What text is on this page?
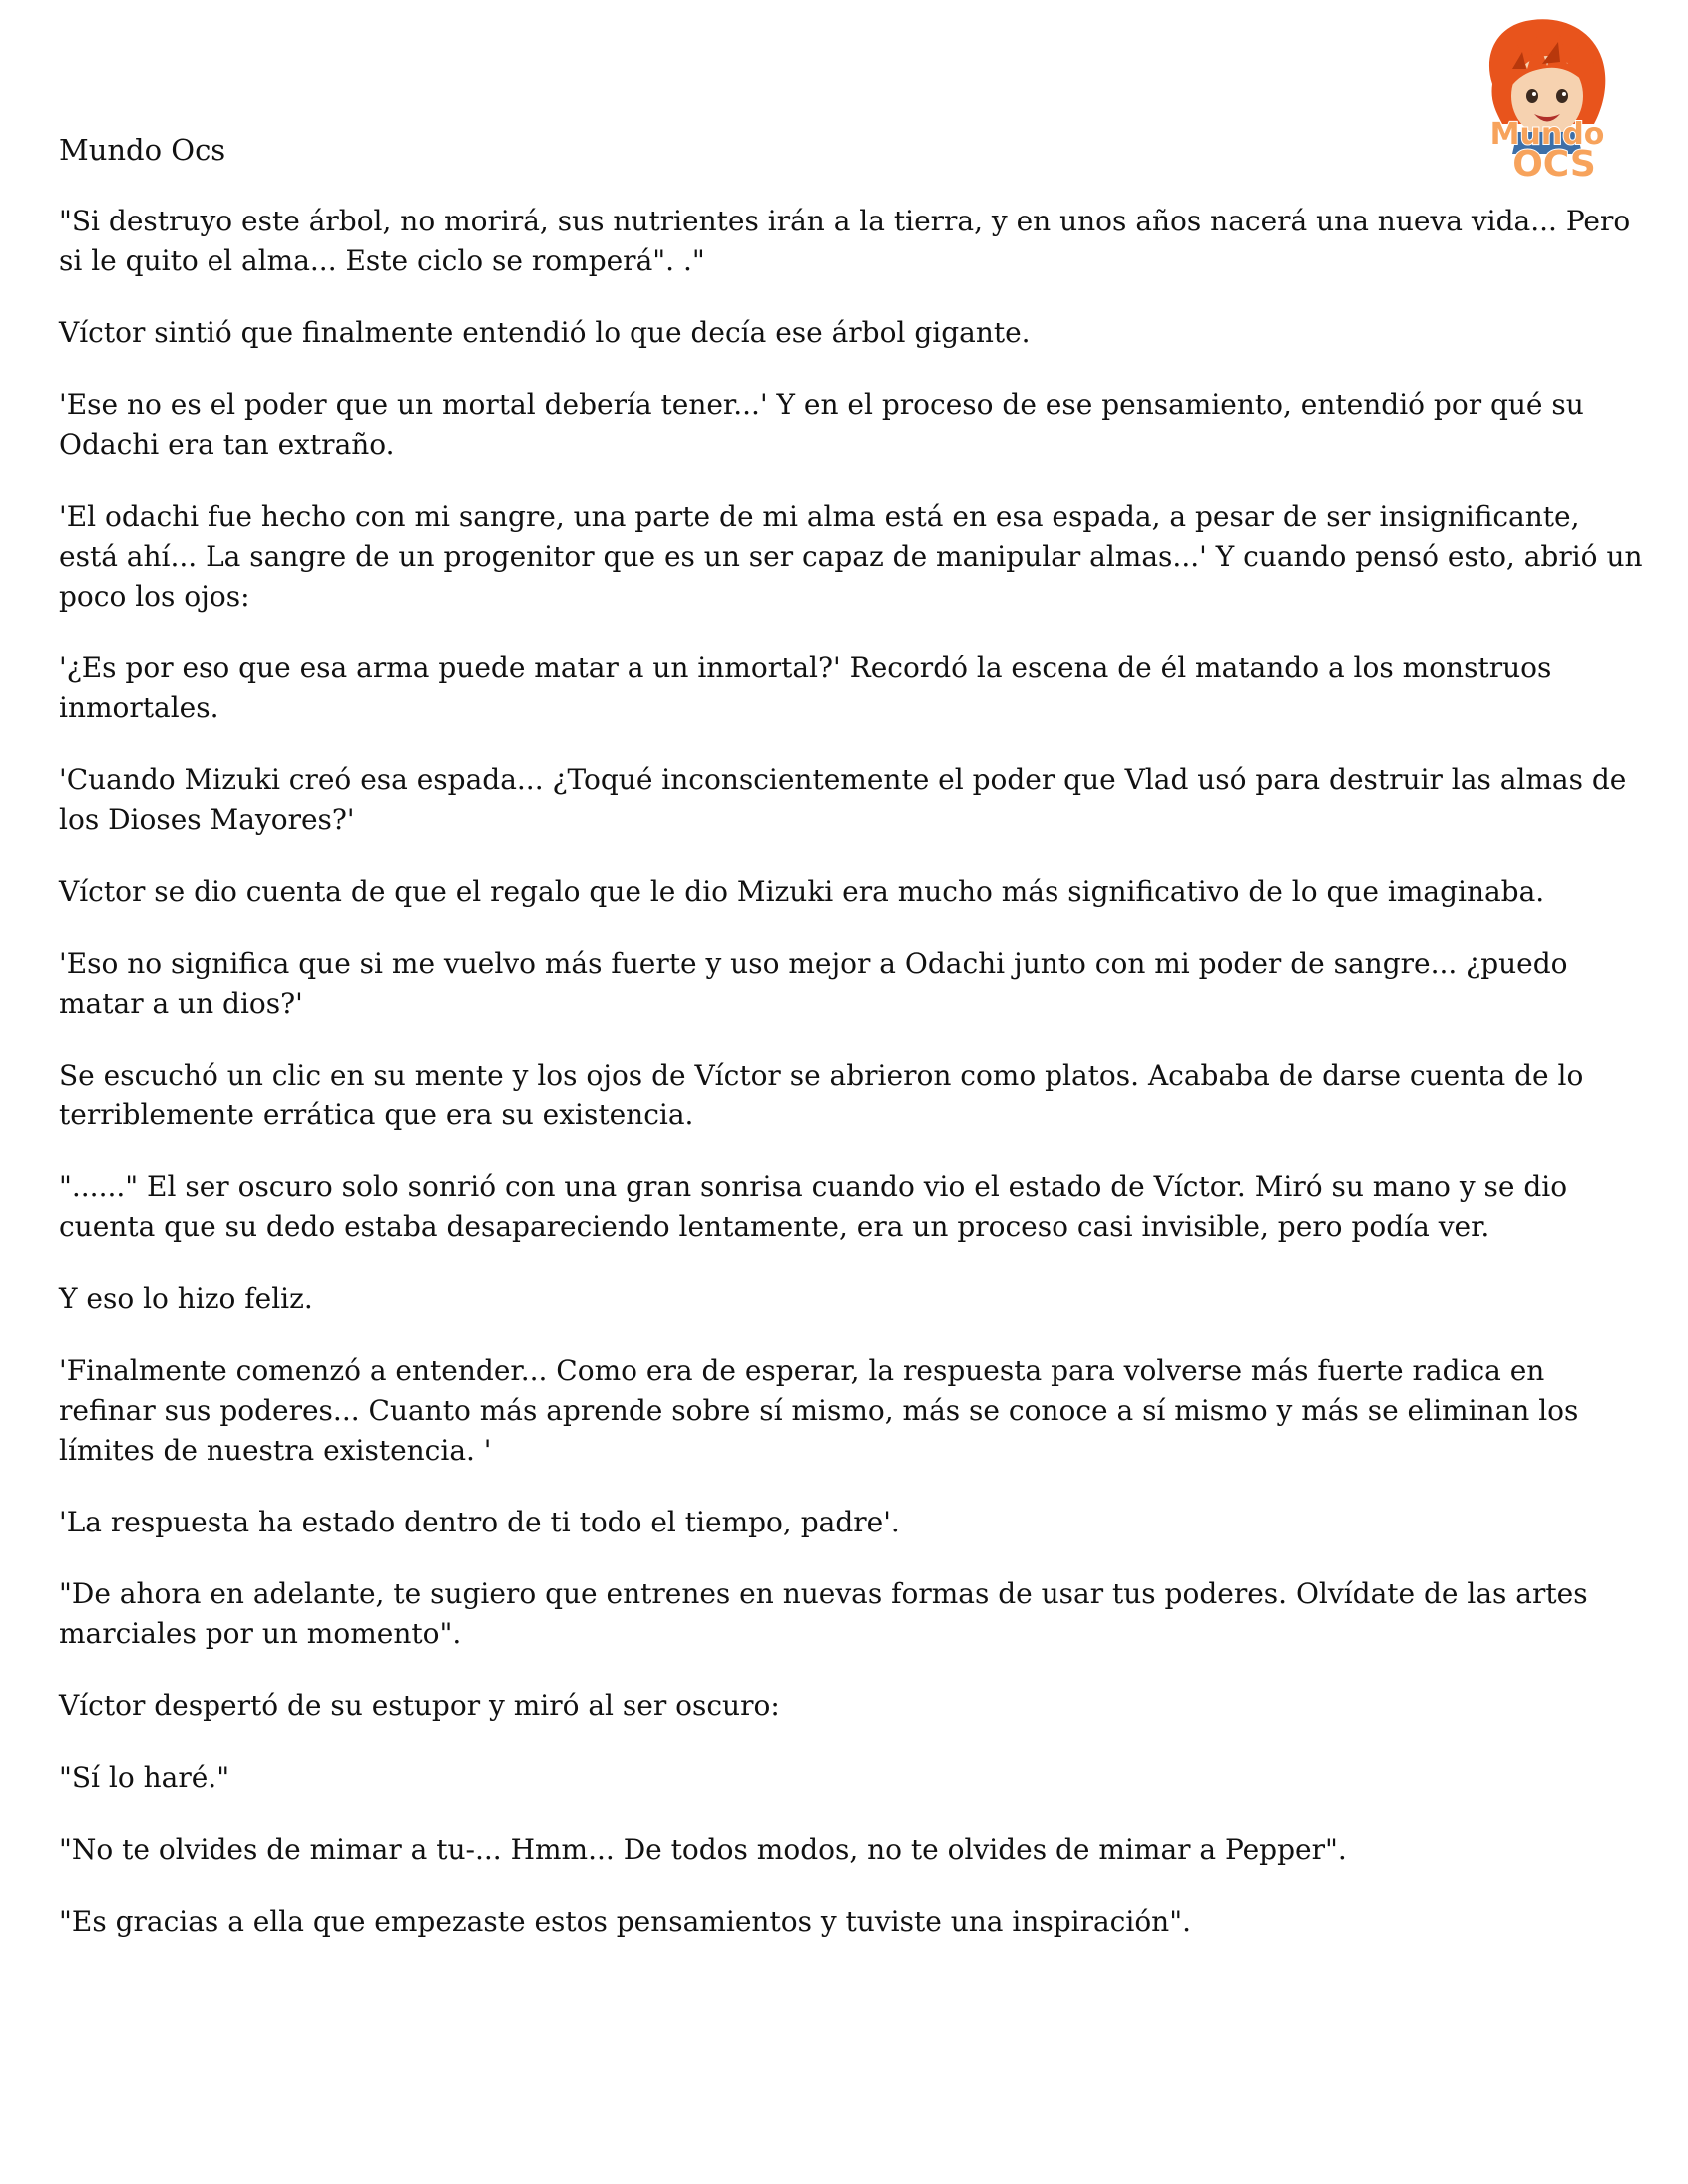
Mundo
OCS
Mundo Ocs

"Si destruyo este árbol, no morirá, sus nutrientes irán a la tierra, y en unos años nacerá una nueva vida... Pero si le quito el alma... Este ciclo se romperá". ."

Víctor sintió que finalmente entendió lo que decía ese árbol gigante.

'Ese no es el poder que un mortal debería tener...' Y en el proceso de ese pensamiento, entendió por qué su Odachi era tan extraño.

'El odachi fue hecho con mi sangre, una parte de mi alma está en esa espada, a pesar de ser insignificante, está ahí... La sangre de un progenitor que es un ser capaz de manipular almas...' Y cuando pensó esto, abrió un poco los ojos:

'¿Es por eso que esa arma puede matar a un inmortal?' Recordó la escena de él matando a los monstruos inmortales.

'Cuando Mizuki creó esa espada... ¿Toqué inconscientemente el poder que Vlad usó para destruir las almas de los Dioses Mayores?'

Víctor se dio cuenta de que el regalo que le dio Mizuki era mucho más significativo de lo que imaginaba.

'Eso no significa que si me vuelvo más fuerte y uso mejor a Odachi junto con mi poder de sangre... ¿puedo matar a un dios?'

Se escuchó un clic en su mente y los ojos de Víctor se abrieron como platos. Acababa de darse cuenta de lo terriblemente errática que era su existencia.

"......" El ser oscuro solo sonrió con una gran sonrisa cuando vio el estado de Víctor. Miró su mano y se dio cuenta que su dedo estaba desapareciendo lentamente, era un proceso casi invisible, pero podía ver.

Y eso lo hizo feliz.

'Finalmente comenzó a entender... Como era de esperar, la respuesta para volverse más fuerte radica en refinar sus poderes... Cuanto más aprende sobre sí mismo, más se conoce a sí mismo y más se eliminan los límites de nuestra existencia. '

'La respuesta ha estado dentro de ti todo el tiempo, padre'.

"De ahora en adelante, te sugiero que entrenes en nuevas formas de usar tus poderes. Olvídate de las artes marciales por un momento".

Víctor despertó de su estupor y miró al ser oscuro:

"Sí lo haré."

"No te olvides de mimar a tu-... Hmm... De todos modos, no te olvides de mimar a Pepper".

"Es gracias a ella que empezaste estos pensamientos y tuviste una inspiración".
